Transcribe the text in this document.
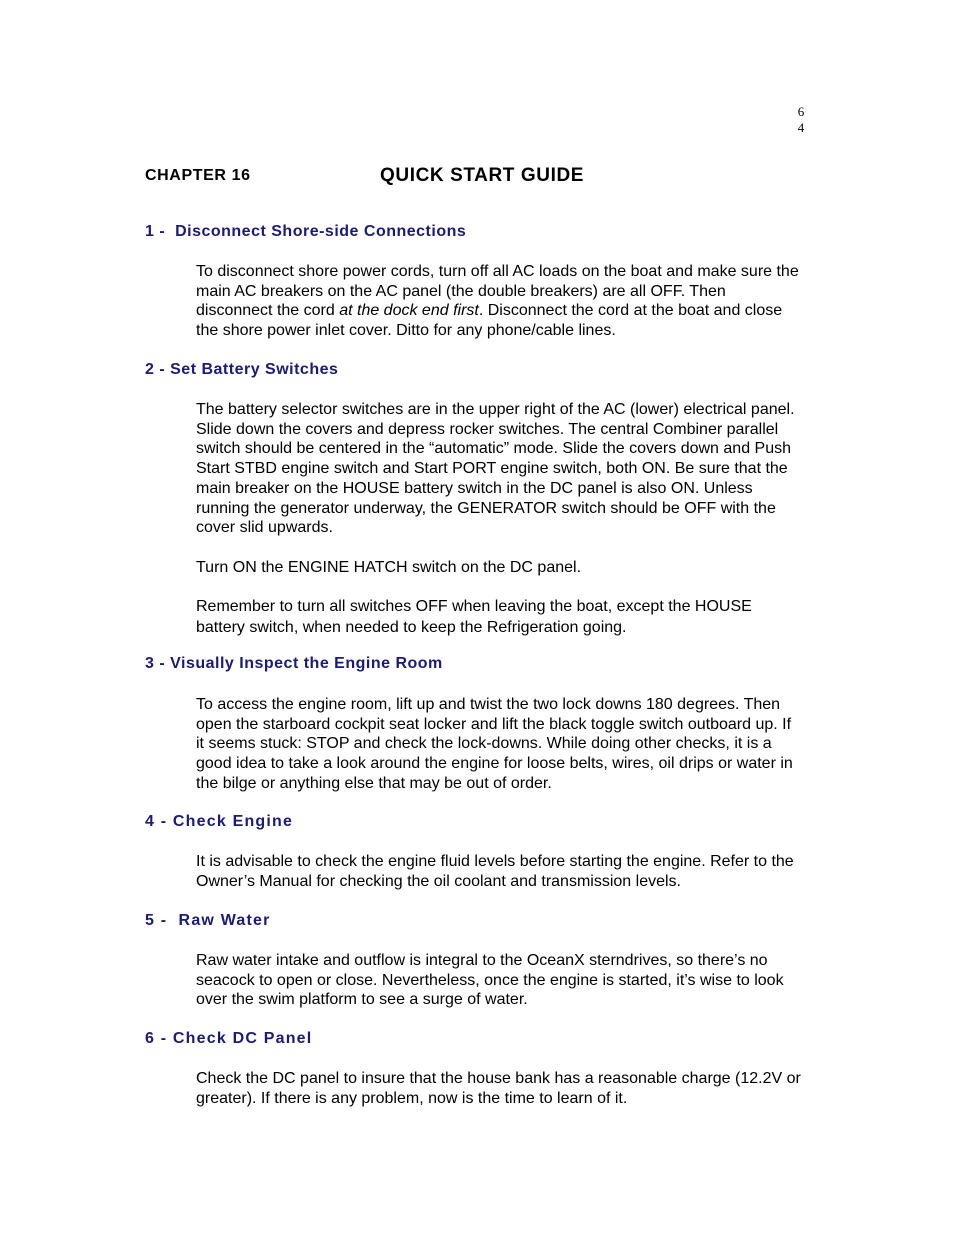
6
4
CHAPTER 16	QUICK START GUIDE
1 -  Disconnect Shore-side Connections

To disconnect shore power cords, turn off all AC loads on the boat and make sure the main AC breakers on the AC panel (the double breakers) are all OFF. Then disconnect the cord at the dock end first. Disconnect the cord at the boat and close the shore power inlet cover. Ditto for any phone/cable lines.

2 - Set Battery Switches

The battery selector switches are in the upper right of the AC (lower) electrical panel. Slide down the covers and depress rocker switches. The central Combiner parallel switch should be centered in the “automatic” mode. Slide the covers down and Push Start STBD engine switch and Start PORT engine switch, both ON. Be sure that the main breaker on the HOUSE battery switch in the DC panel is also ON. Unless running the generator underway, the GENERATOR switch should be OFF with the cover slid upwards.

Turn ON the ENGINE HATCH switch on the DC panel.

Remember to turn all switches OFF when leaving the boat, except the HOUSE battery switch, when needed to keep the Refrigeration going.

3 - Visually Inspect the Engine Room

To access the engine room, lift up and twist the two lock downs 180 degrees. Then open the starboard cockpit seat locker and lift the black toggle switch outboard up. If it seems stuck: STOP and check the lock-downs. While doing other checks, it is a good idea to take a look around the engine for loose belts, wires, oil drips or water in the bilge or anything else that may be out of order.

4 - Check Engine

It is advisable to check the engine fluid levels before starting the engine. Refer to the Owner’s Manual for checking the oil coolant and transmission levels.

5 -  Raw Water

Raw water intake and outflow is integral to the OceanX sterndrives, so there’s no seacock to open or close. Nevertheless, once the engine is started, it’s wise to look over the swim platform to see a surge of water.

6 - Check DC Panel

Check the DC panel to insure that the house bank has a reasonable charge (12.2V or greater). If there is any problem, now is the time to learn of it.
